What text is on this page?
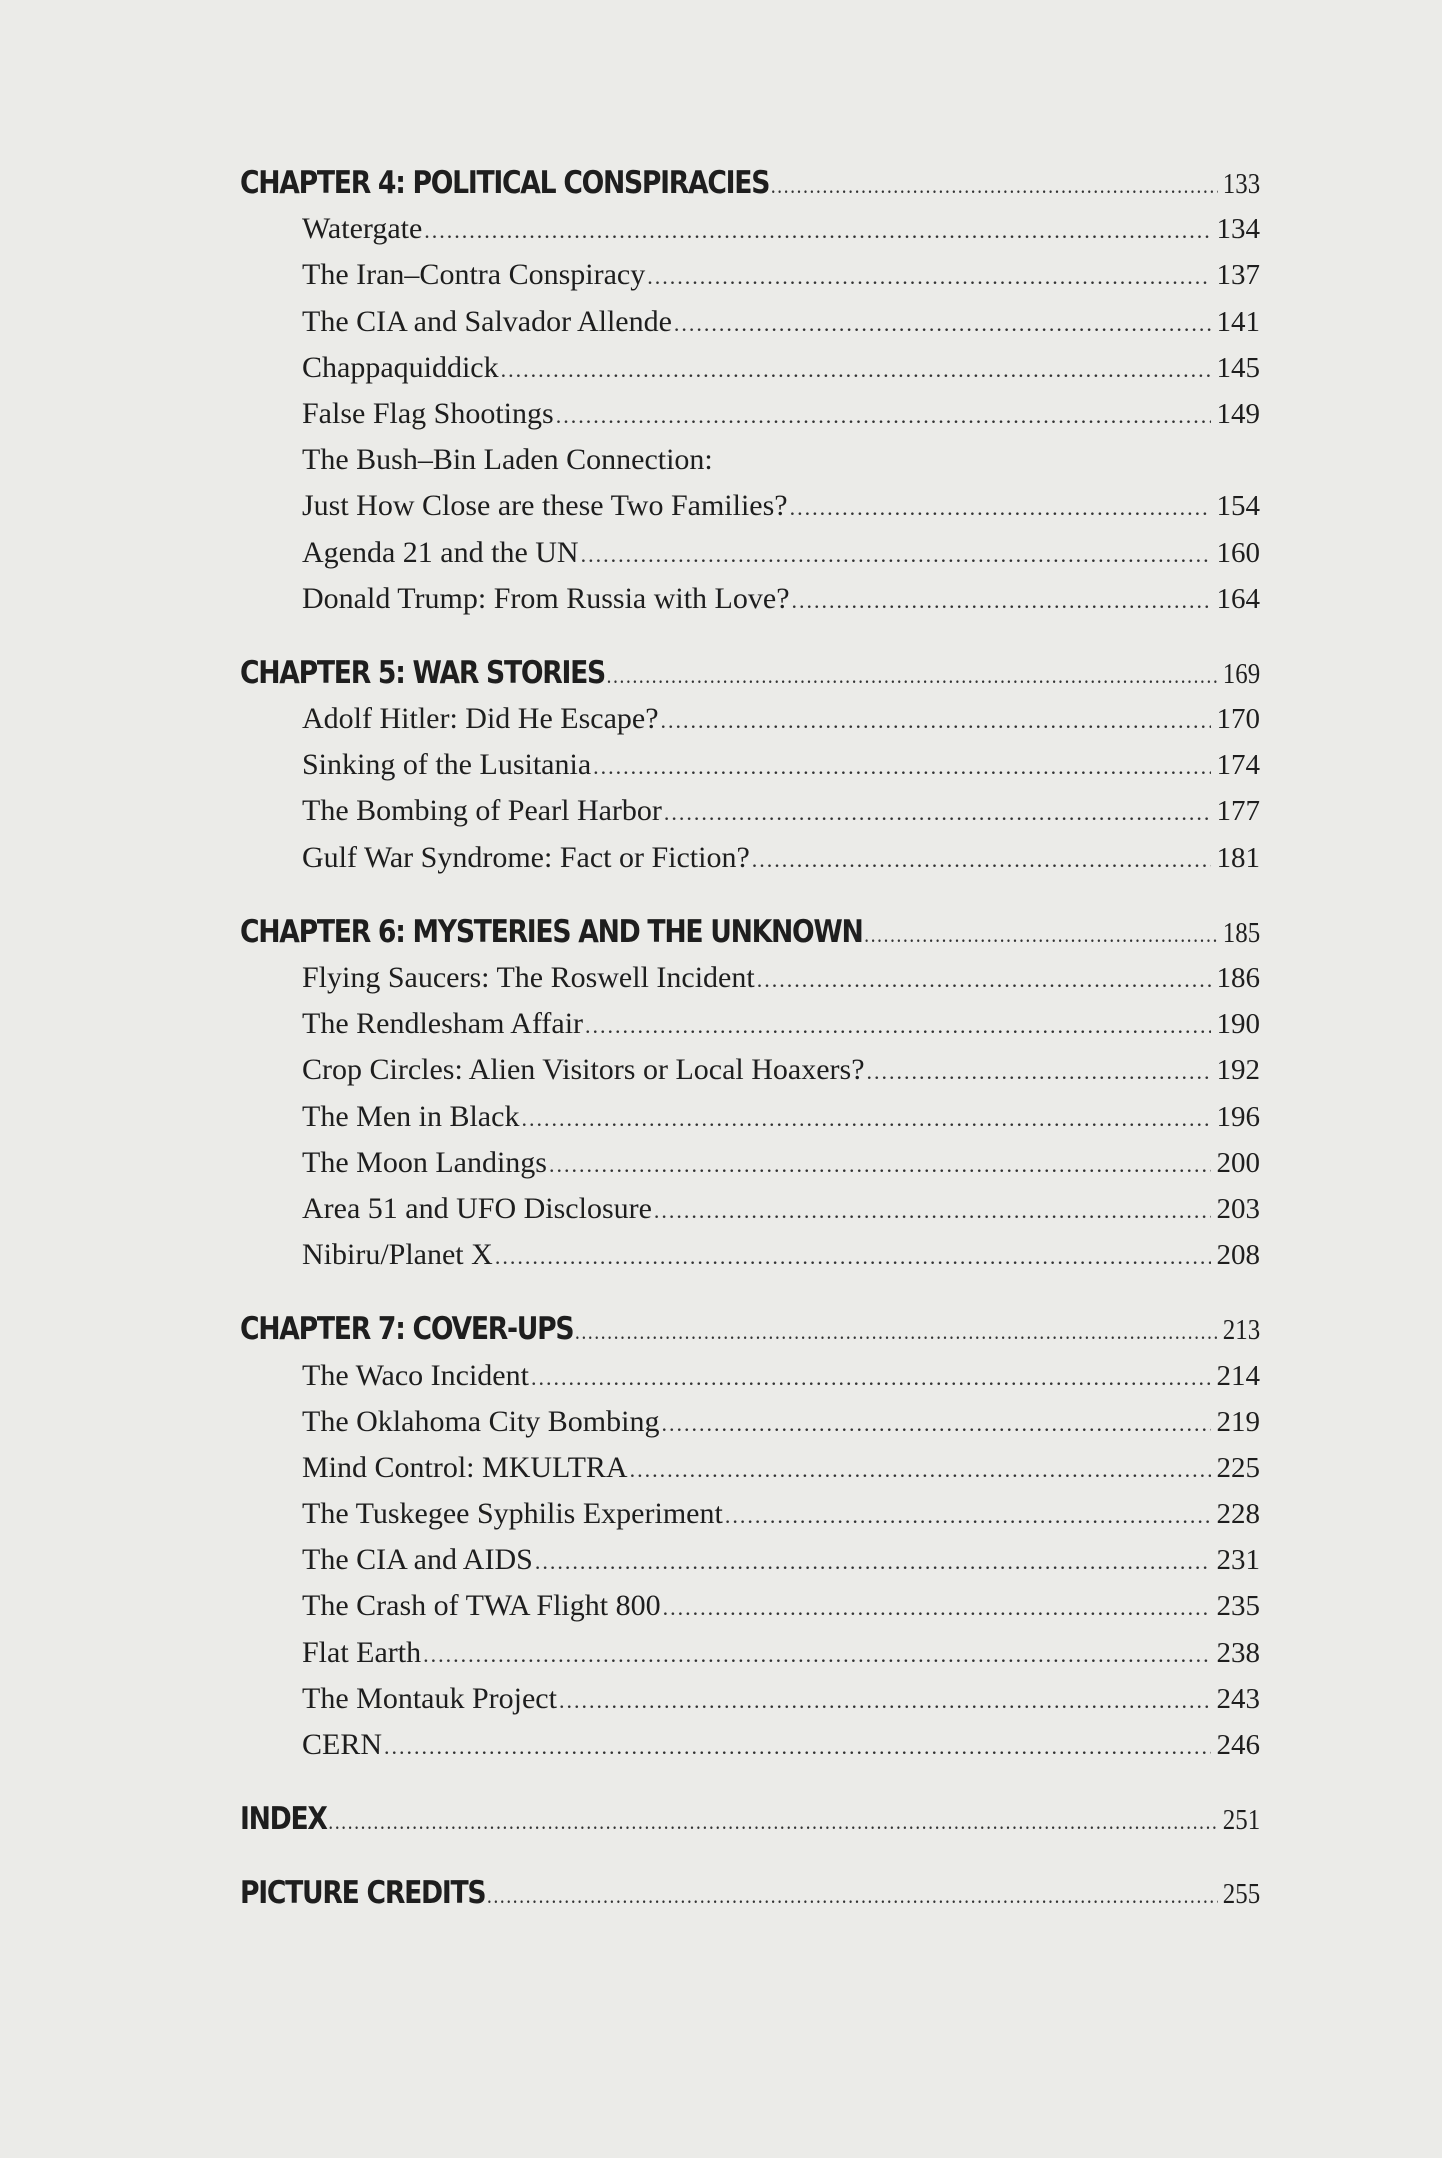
CHAPTER 4: POLITICAL CONSPIRACIES .....	133
Watergate .....	134
The Iran–Contra Conspiracy .....	137
The CIA and Salvador Allende .....	141
Chappaquiddick .....	145
False Flag Shootings .....	149
The Bush–Bin Laden Connection:
Just How Close are these Two Families? .....	154
Agenda 21 and the UN .....	160
Donald Trump: From Russia with Love? .....	164
CHAPTER 5: WAR STORIES .....	169
Adolf Hitler: Did He Escape? .....	170
Sinking of the Lusitania .....	174
The Bombing of Pearl Harbor .....	177
Gulf War Syndrome: Fact or Fiction? .....	181
CHAPTER 6: MYSTERIES AND THE UNKNOWN .....	185
Flying Saucers: The Roswell Incident .....	186
The Rendlesham Affair .....	190
Crop Circles: Alien Visitors or Local Hoaxers? .....	192
The Men in Black .....	196
The Moon Landings .....	200
Area 51 and UFO Disclosure .....	203
Nibiru/Planet X .....	208
CHAPTER 7: COVER-UPS .....	213
The Waco Incident .....	214
The Oklahoma City Bombing .....	219
Mind Control: MKULTRA .....	225
The Tuskegee Syphilis Experiment .....	228
The CIA and AIDS .....	231
The Crash of TWA Flight 800 .....	235
Flat Earth .....	238
The Montauk Project .....	243
CERN .....	246
INDEX .....	251
PICTURE CREDITS .....	255
